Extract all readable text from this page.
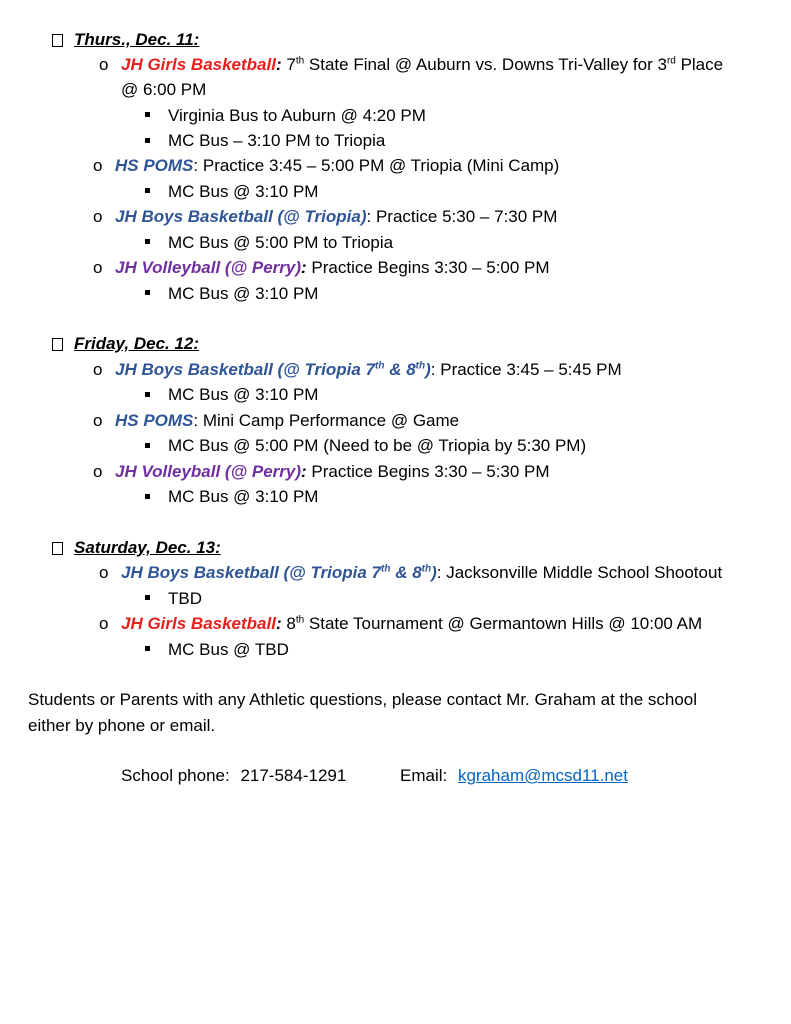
Thurs., Dec. 11:
o JH Girls Basketball: 7th State Final @ Auburn vs. Downs Tri-Valley for 3rd Place
@ 6:00 PM
Virginia Bus to Auburn @ 4:20 PM
MC Bus – 3:10 PM to Triopia
o HS POMS: Practice 3:45 – 5:00 PM @ Triopia (Mini Camp)
MC Bus @ 3:10 PM
o JH Boys Basketball (@ Triopia): Practice 5:30 – 7:30 PM
MC Bus @ 5:00 PM to Triopia
o JH Volleyball (@ Perry): Practice Begins 3:30 – 5:00 PM
MC Bus @ 3:10 PM
Friday, Dec. 12:
o JH Boys Basketball (@ Triopia 7th & 8th): Practice 3:45 – 5:45 PM
MC Bus @ 3:10 PM
o HS POMS: Mini Camp Performance @ Game
MC Bus @ 5:00 PM (Need to be @ Triopia by 5:30 PM)
o JH Volleyball (@ Perry): Practice Begins 3:30 – 5:30 PM
MC Bus @ 3:10 PM
Saturday, Dec. 13:
o JH Boys Basketball (@ Triopia 7th & 8th): Jacksonville Middle School Shootout
TBD
o JH Girls Basketball: 8th State Tournament @ Germantown Hills @ 10:00 AM
MC Bus @ TBD
Students or Parents with any Athletic questions, please contact Mr. Graham at the school
either by phone or email.
School phone: 217-584-1291	Email: kgraham@mcsd11.net
